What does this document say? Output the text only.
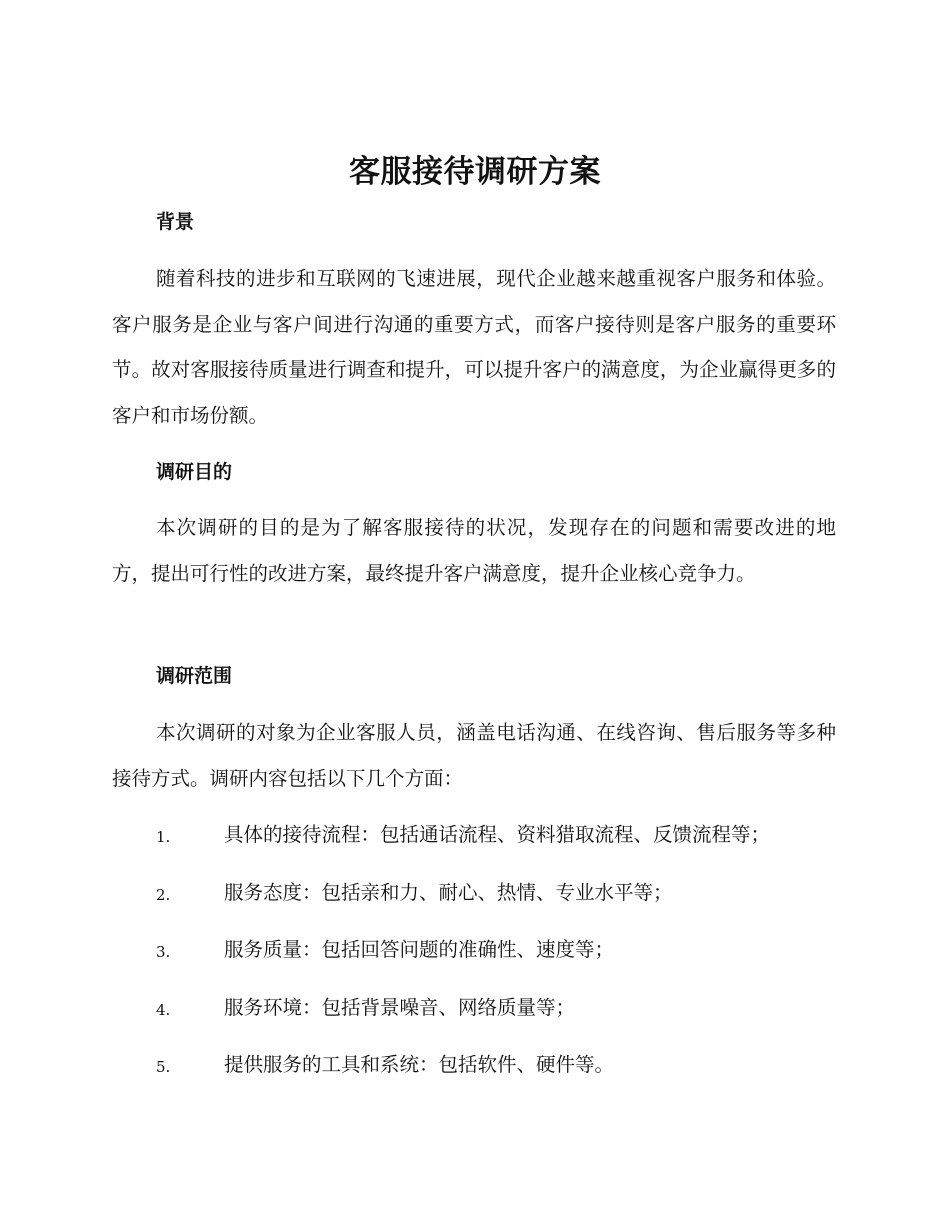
客服接待调研方案
背景

随着科技的进步和互联网的飞速进展，现代企业越来越重视客户服务和体验。客户服务是企业与客户间进行沟通的重要方式，而客户接待则是客户服务的重要环节。故对客服接待质量进行调查和提升，可以提升客户的满意度，为企业赢得更多的客户和市场份额。

调研目的

本次调研的目的是为了解客服接待的状况，发现存在的问题和需要改进的地方，提出可行性的改进方案，最终提升客户满意度，提升企业核心竞争力。

调研范围

本次调研的对象为企业客服人员，涵盖电话沟通、在线咨询、售后服务等多种接待方式。调研内容包括以下几个方面：

1.	具体的接待流程：包括通话流程、资料猎取流程、反馈流程等；
2.	服务态度：包括亲和力、耐心、热情、专业水平等；
3.	服务质量：包括回答问题的准确性、速度等；
4.	服务环境：包括背景噪音、网络质量等；
5.	提供服务的工具和系统：包括软件、硬件等。
